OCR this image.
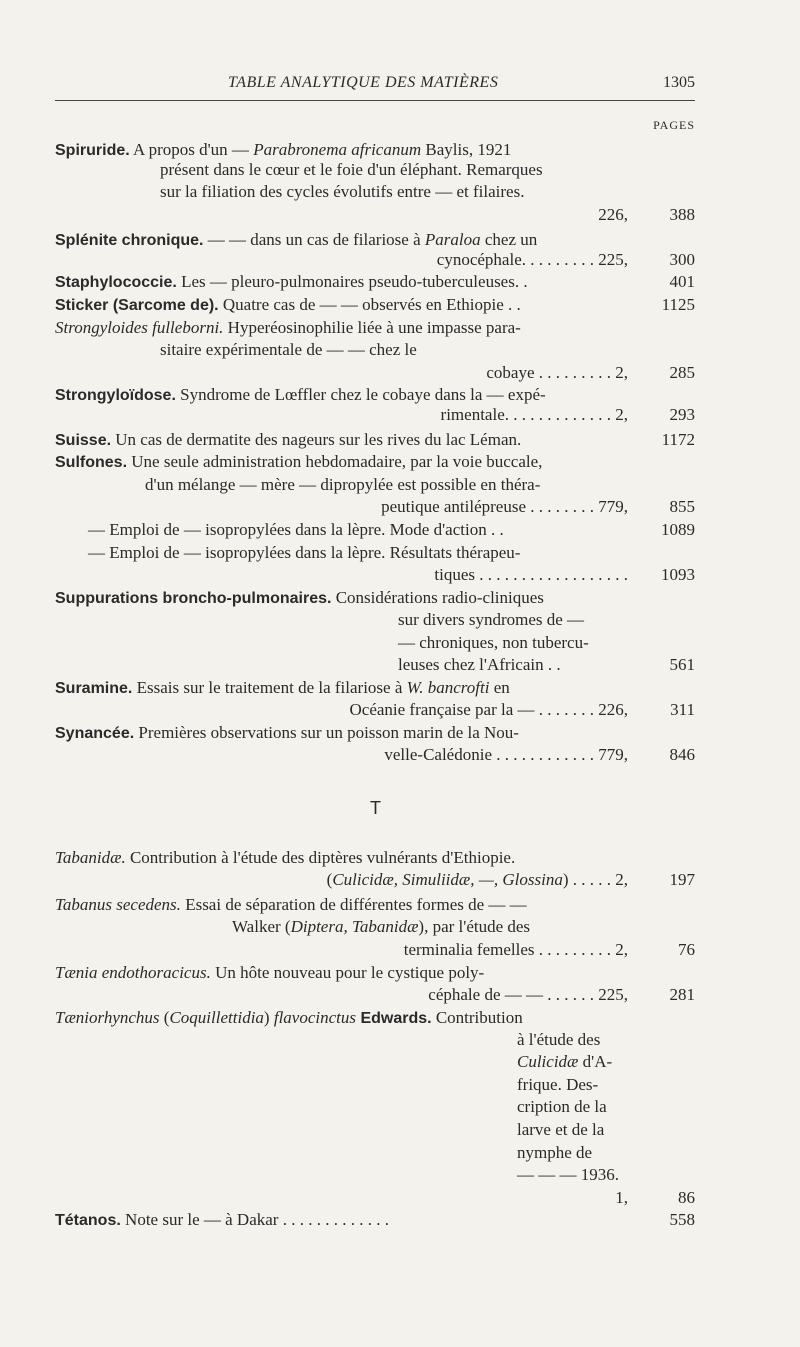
TABLE ANALYTIQUE DES MATIÈRES	1305
PAGES
T
Spiruride. A propos d'un — Parabronema africanum Baylis, 1921
présent dans le cœur et le foie d'un éléphant. Remarques
sur la filiation des cycles évolutifs entre — et filaires.
226,	388
Splénite chronique. — — dans un cas de filariose à Paraloa chez un
cynocéphale. . . . . . . . . 225,	300
Staphylococcie. Les — pleuro-pulmonaires pseudo-tuberculeuses. .	401
Sticker (Sarcome de). Quatre cas de — — observés en Ethiopie . .	1125
Strongyloides fulleborni. Hyperéosinophilie liée à une impasse para-
sitaire expérimentale de — — chez le
cobaye . . . . . . . . . 2,	285
Strongyloïdose. Syndrome de Lœffler chez le cobaye dans la — expé-
rimentale. . . . . . . . . . . . . 2,	293
Suisse. Un cas de dermatite des nageurs sur les rives du lac Léman.	1172
Sulfones. Une seule administration hebdomadaire, par la voie buccale,
d'un mélange — mère — dipropylée est possible en théra-
peutique antilépreuse . . . . . . . . 779,	855
— Emploi de — isopropylées dans la lèpre. Mode d'action . .	1089
— Emploi de — isopropylées dans la lèpre. Résultats thérapeu-
tiques . . . . . . . . . . . . . . . . . .	1093
Suppurations broncho-pulmonaires. Considérations radio-cliniques
sur divers syndromes de —
— chroniques, non tubercu-
leuses chez l'Africain . .	561
Suramine. Essais sur le traitement de la filariose à W. bancrofti en
Océanie française par la — . . . . . . . 226,	311
Synancée. Premières observations sur un poisson marin de la Nou-
velle-Calédonie . . . . . . . . . . . . 779,	846
Tabanidæ. Contribution à l'étude des diptères vulnérants d'Ethiopie.
(Culicidæ, Simuliidæ, —, Glossina) . . . . . 2,	197
Tabanus secedens. Essai de séparation de différentes formes de — —
Walker (Diptera, Tabanidæ), par l'étude des
terminalia femelles . . . . . . . . . 2,	76
Tænia endothoracicus. Un hôte nouveau pour le cystique poly-
céphale de — — . . . . . . 225,	281
Tæniorhynchus (Coquillettidia) flavocinctus Edwards. Contribution
à l'étude des
Culicidæ d'A-
frique. Des-
cription de la
larve et de la
nymphe de
— — — 1936.
1,	86
Tétanos. Note sur le — à Dakar . . . . . . . . . . . . .	558
